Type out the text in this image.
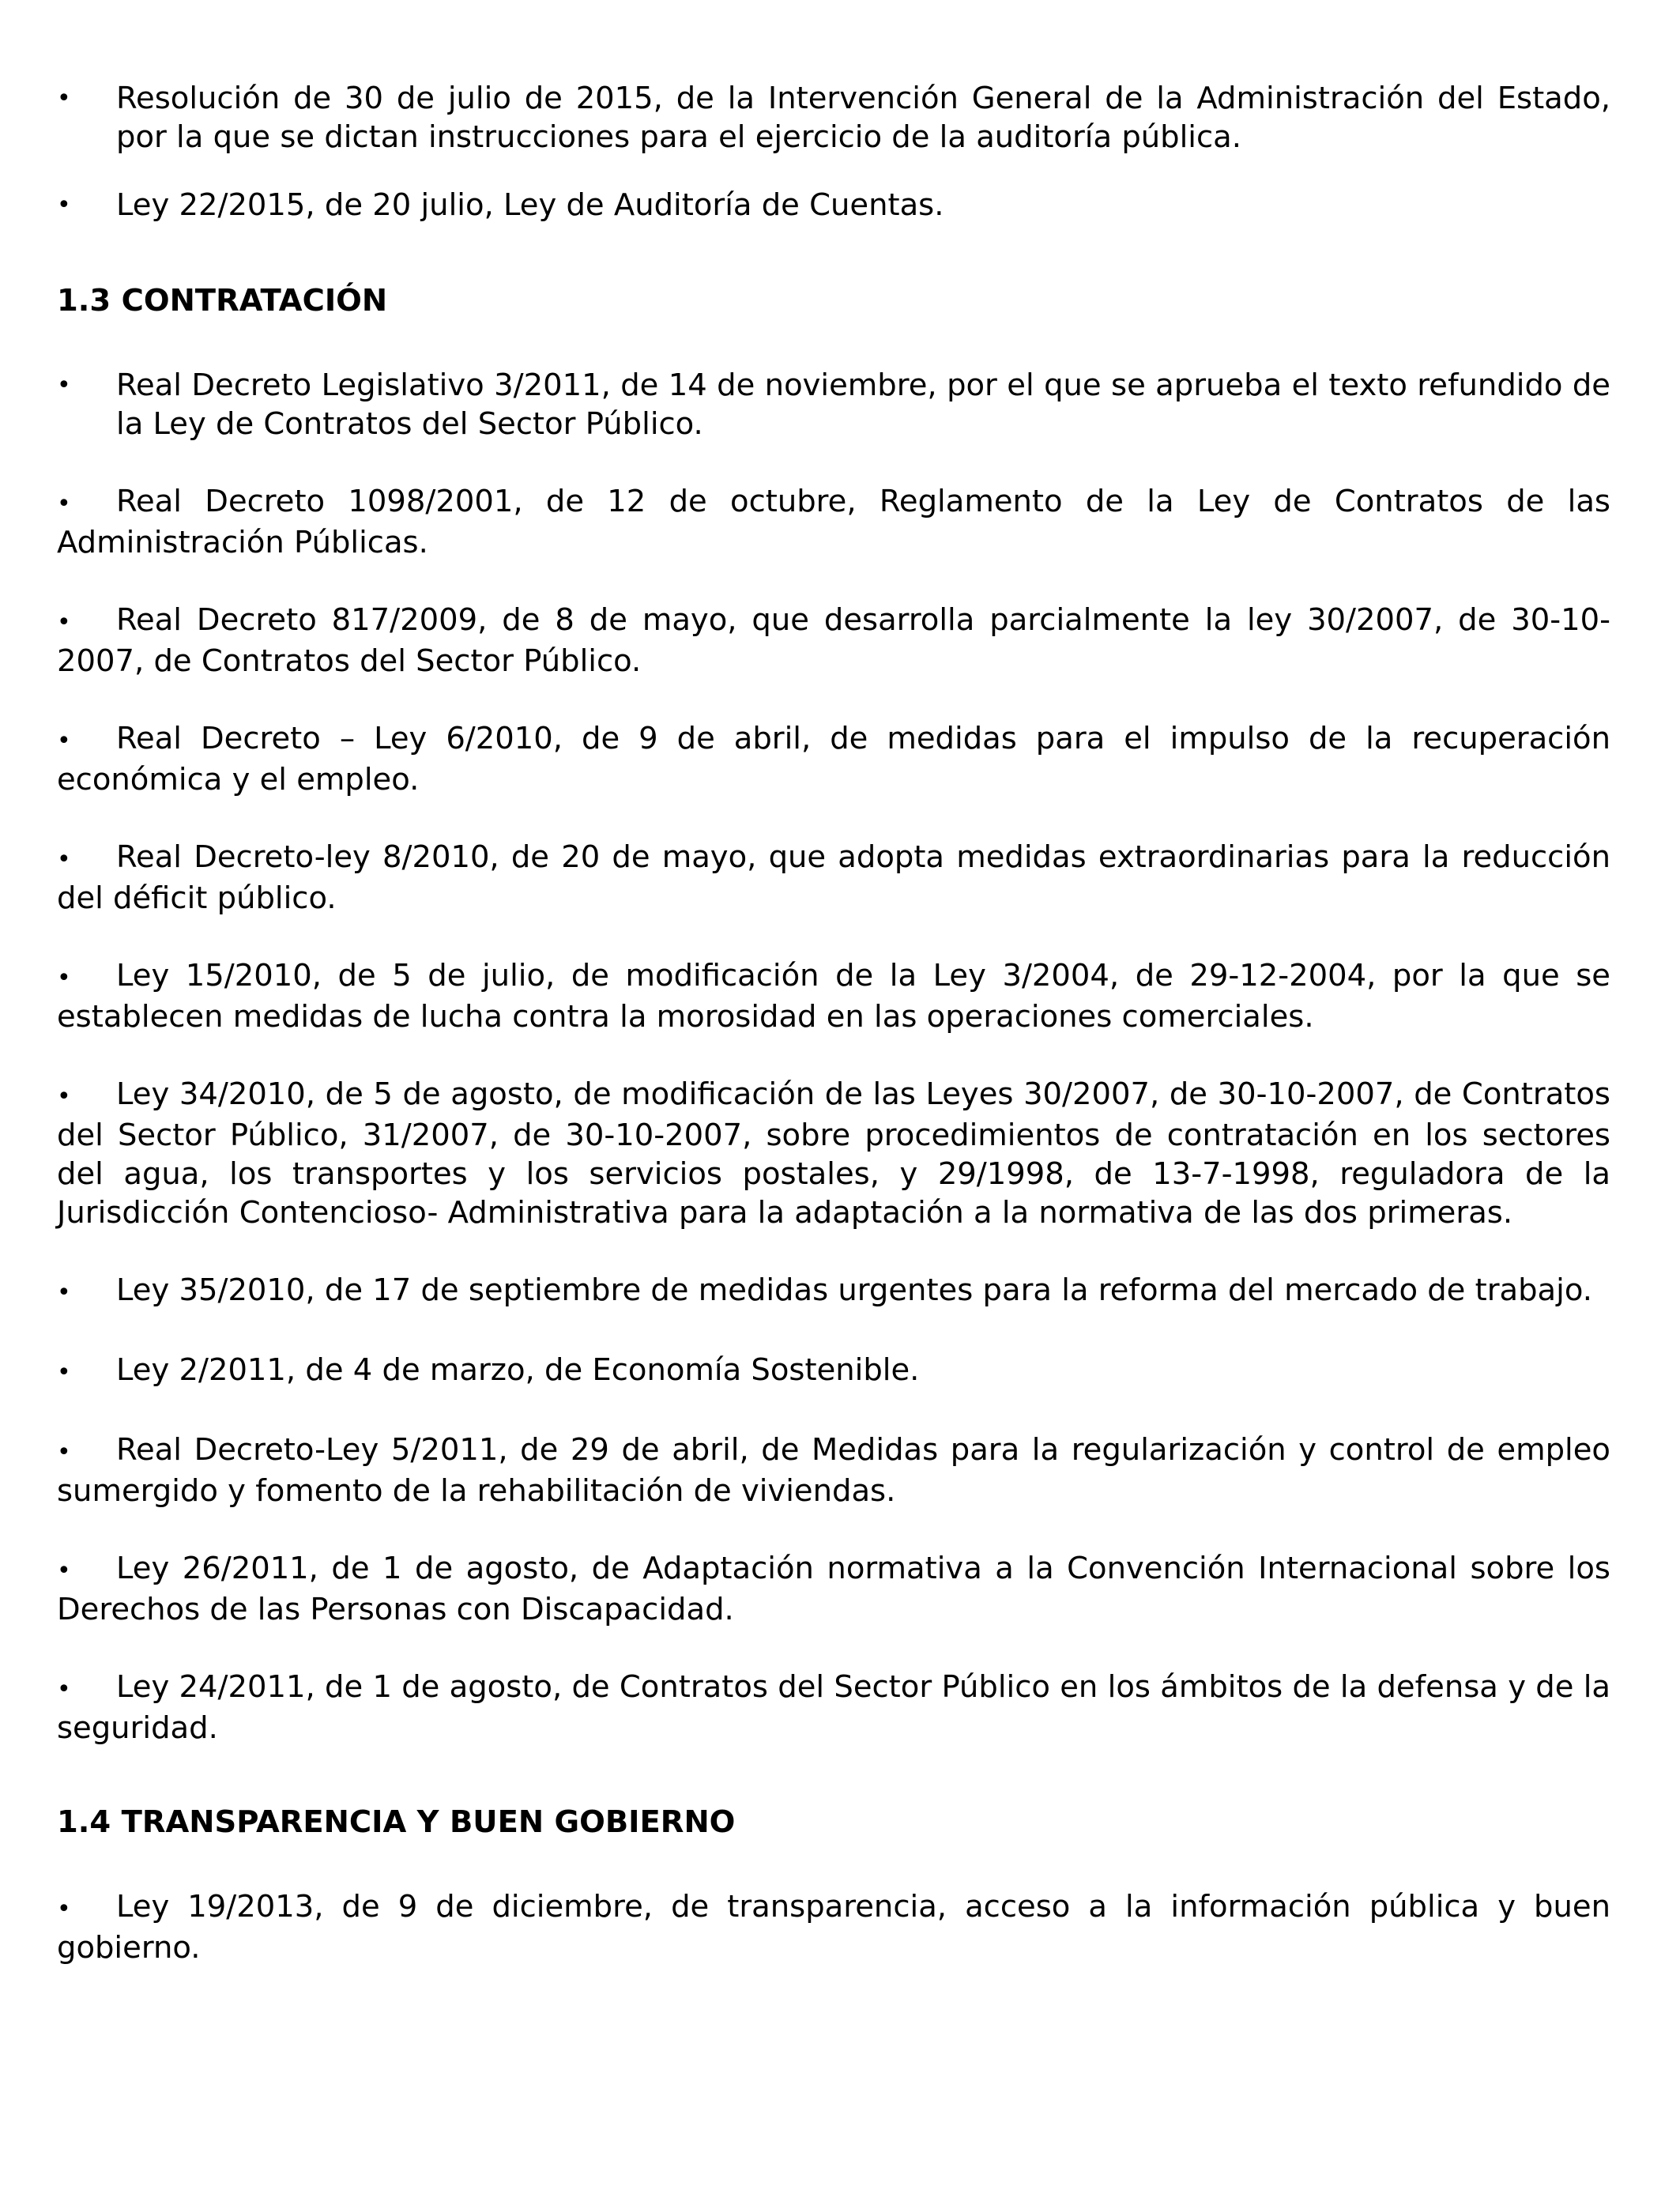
• Resolución de 30 de julio de 2015, de la Intervención General de la Administración del Estado, por la que se dictan instrucciones para el ejercicio de la auditoría pública.
• Ley 22/2015, de 20 julio, Ley de Auditoría de Cuentas.
1.3 CONTRATACIÓN
• Real Decreto Legislativo 3/2011, de 14 de noviembre, por el que se aprueba el texto refundido de la Ley de Contratos del Sector Público.
• Real Decreto 1098/2001, de 12 de octubre, Reglamento de la Ley de Contratos de las Administración Públicas.
• Real Decreto 817/2009, de 8 de mayo, que desarrolla parcialmente la ley 30/2007, de 30-10-2007, de Contratos del Sector Público.
• Real Decreto – Ley 6/2010, de 9 de abril, de medidas para el impulso de la recuperación económica y el empleo.
• Real Decreto-ley 8/2010, de 20 de mayo, que adopta medidas extraordinarias para la reducción del déficit público.
• Ley 15/2010, de 5 de julio, de modificación de la Ley 3/2004, de 29-12-2004, por la que se establecen medidas de lucha contra la morosidad en las operaciones comerciales.
• Ley 34/2010, de 5 de agosto, de modificación de las Leyes 30/2007, de 30-10-2007, de Contratos del Sector Público, 31/2007, de 30-10-2007, sobre procedimientos de contratación en los sectores del agua, los transportes y los servicios postales, y 29/1998, de 13-7-1998, reguladora de la Jurisdicción Contencioso- Administrativa para la adaptación a la normativa de las dos primeras.
• Ley 35/2010, de 17 de septiembre de medidas urgentes para la reforma del mercado de trabajo.
• Ley 2/2011, de 4 de marzo, de Economía Sostenible.
• Real Decreto-Ley 5/2011, de 29 de abril, de Medidas para la regularización y control de empleo sumergido y fomento de la rehabilitación de viviendas.
• Ley 26/2011, de 1 de agosto, de Adaptación normativa a la Convención Internacional sobre los Derechos de las Personas con Discapacidad.
• Ley 24/2011, de 1 de agosto, de Contratos del Sector Público en los ámbitos de la defensa y de la seguridad.
1.4 TRANSPARENCIA Y BUEN GOBIERNO
• Ley 19/2013, de 9 de diciembre, de transparencia, acceso a la información pública y buen gobierno.
